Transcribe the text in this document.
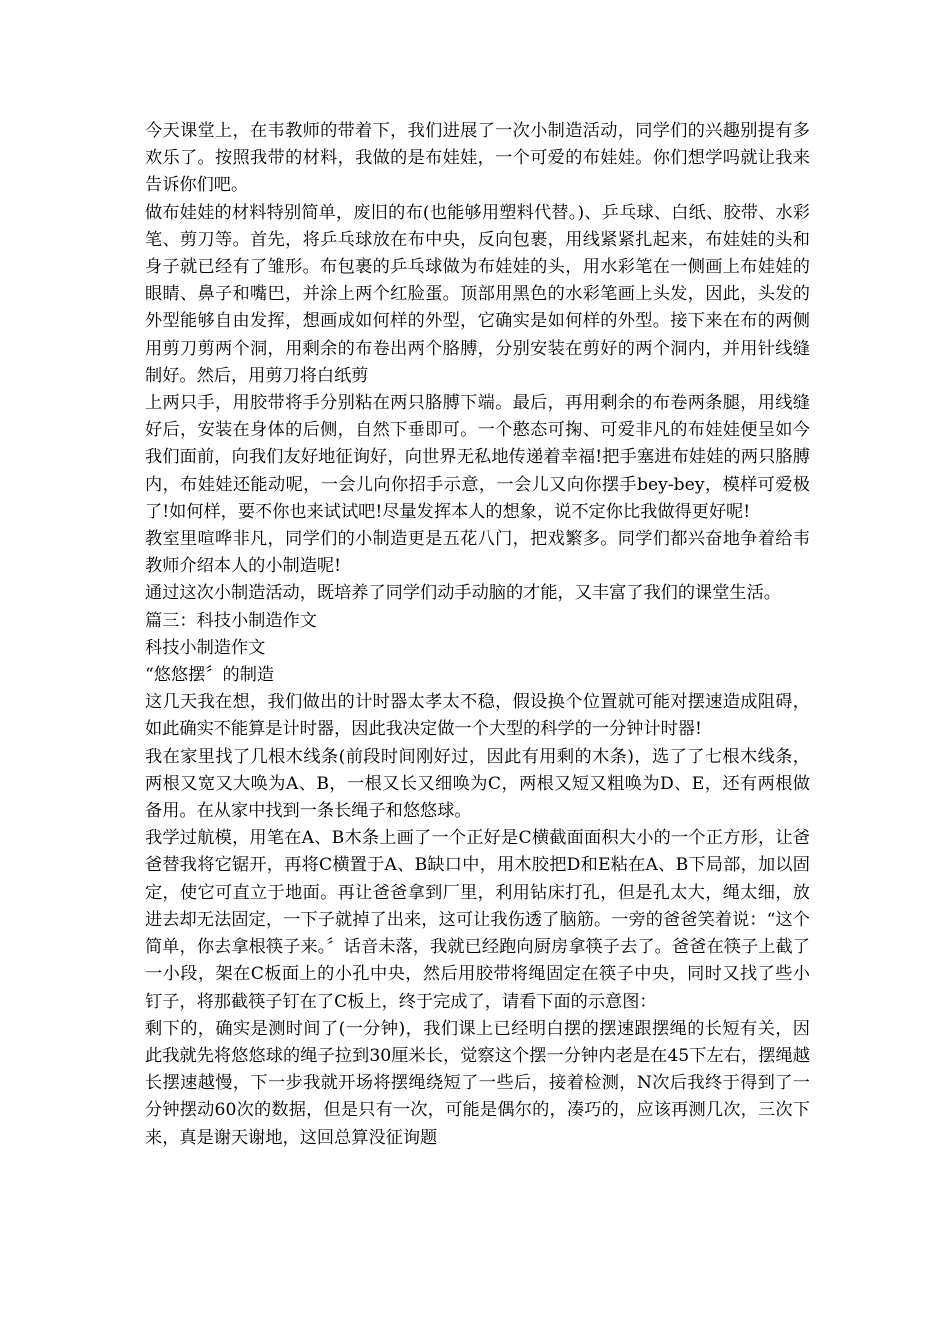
今天课堂上，在韦教师的带着下，我们进展了一次小制造活动，同学们的兴趣别提有多欢乐了。按照我带的材料，我做的是布娃娃，一个可爱的布娃娃。你们想学吗就让我来告诉你们吧。

做布娃娃的材料特别简单，废旧的布(也能够用塑料代替。)、乒乓球、白纸、胶带、水彩笔、剪刀等。首先，将乒乓球放在布中央，反向包裹，用线紧紧扎起来，布娃娃的头和身子就已经有了雏形。布包裹的乒乓球做为布娃娃的头，用水彩笔在一侧画上布娃娃的眼睛、鼻子和嘴巴，并涂上两个红脸蛋。顶部用黑色的水彩笔画上头发，因此，头发的外型能够自由发挥，想画成如何样的外型，它确实是如何样的外型。接下来在布的两侧用剪刀剪两个洞，用剩余的布卷出两个胳膊，分别安装在剪好的两个洞内，并用针线缝制好。然后，用剪刀将白纸剪

上两只手，用胶带将手分别粘在两只胳膊下端。最后，再用剩余的布卷两条腿，用线缝好后，安装在身体的后侧，自然下垂即可。一个憨态可掬、可爱非凡的布娃娃便呈如今我们面前，向我们友好地征询好，向世界无私地传递着幸福!把手塞进布娃娃的两只胳膊内，布娃娃还能动呢，一会儿向你招手示意，一会儿又向你摆手bey-bey，模样可爱极了!如何样，要不你也来试试吧!尽量发挥本人的想象，说不定你比我做得更好呢!

教室里喧哗非凡，同学们的小制造更是五花八门，把戏繁多。同学们都兴奋地争着给韦教师介绍本人的小制造呢!

通过这次小制造活动，既培养了同学们动手动脑的才能，又丰富了我们的课堂生活。

篇三：科技小制造作文

科技小制造作文

“悠悠摆〞的制造

这几天我在想，我们做出的计时器太孝太不稳，假设换个位置就可能对摆速造成阻碍，如此确实不能算是计时器，因此我决定做一个大型的科学的一分钟计时器!

我在家里找了几根木线条(前段时间刚好过，因此有用剩的木条)，选了了七根木线条，两根又宽又大唤为A、B，一根又长又细唤为C，两根又短又粗唤为D、E，还有两根做备用。在从家中找到一条长绳子和悠悠球。

我学过航模，用笔在A、B木条上画了一个正好是C横截面面积大小的一个正方形，让爸爸替我将它锯开，再将C横置于A、B缺口中，用木胶把D和E粘在A、B下局部，加以固定，使它可直立于地面。再让爸爸拿到厂里，利用钻床打孔，但是孔太大，绳太细，放进去却无法固定，一下子就掉了出来，这可让我伤透了脑筋。一旁的爸爸笑着说：“这个简单，你去拿根筷子来。〞话音未落，我就已经跑向厨房拿筷子去了。爸爸在筷子上截了一小段，架在C板面上的小孔中央，然后用胶带将绳固定在筷子中央，同时又找了些小钉子，将那截筷子钉在了C板上，终于完成了，请看下面的示意图：

剩下的，确实是测时间了(一分钟)，我们课上已经明白摆的摆速跟摆绳的长短有关，因此我就先将悠悠球的绳子拉到30厘米长，觉察这个摆一分钟内老是在45下左右，摆绳越长摆速越慢，下一步我就开场将摆绳绕短了一些后，接着检测，N次后我终于得到了一分钟摆动60次的数据，但是只有一次，可能是偶尔的，凑巧的，应该再测几次，三次下来，真是谢天谢地，这回总算没征询题
